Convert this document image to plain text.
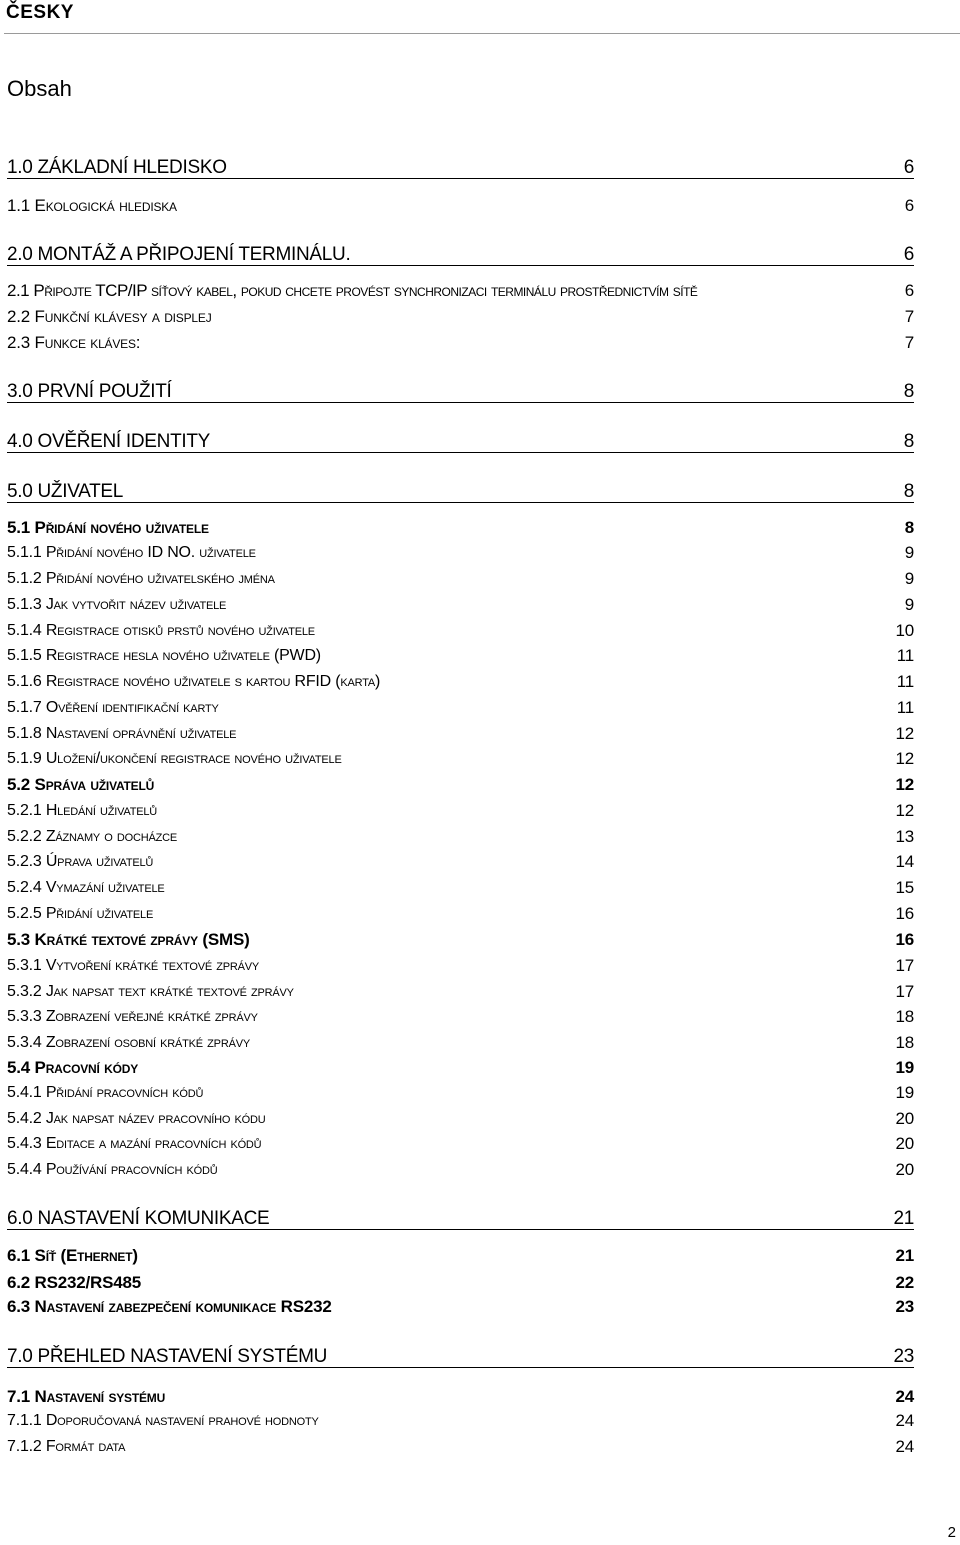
ČESKY
Obsah
1.0 ZÁKLADNÍ HLEDISKO	6
1.1 Ekologická hlediska	6
2.0 MONTÁŽ A PŘIPOJENÍ TERMINÁLU.	6
2.1 Připojte TCP/IP síťový kabel, pokud chcete provést synchronizaci terminálu prostřednictvím sítě	6
2.2 Funkční klávesy a displej	7
2.3 Funkce kláves:	7
3.0 PRVNÍ POUŽITÍ	8
4.0 OVĚŘENÍ IDENTITY	8
5.0 UŽIVATEL	8
5.1 Přidání nového uživatele	8
5.1.1 Přidání nového ID NO. uživatele	9
5.1.2 Přidání nového uživatelského jména	9
5.1.3 Jak vytvořit název uživatele	9
5.1.4 Registrace otisků prstů nového uživatele	10
5.1.5 Registrace hesla nového uživatele (PWD)	11
5.1.6 Registrace nového uživatele s kartou RFID (karta)	11
5.1.7 Ověření identifikační karty	11
5.1.8 Nastavení oprávnění uživatele	12
5.1.9 Uložení/ukončení registrace nového uživatele	12
5.2 Správa uživatelů	12
5.2.1 Hledání uživatelů	12
5.2.2 Záznamy o docházce	13
5.2.3 Úprava uživatelů	14
5.2.4 Vymazání uživatele	15
5.2.5 Přidání uživatele	16
5.3 Krátké textové zprávy (SMS)	16
5.3.1 Vytvoření krátké textové zprávy	17
5.3.2 Jak napsat text krátké textové zprávy	17
5.3.3 Zobrazení veřejné krátké zprávy	18
5.3.4 Zobrazení osobní krátké zprávy	18
5.4 Pracovní kódy	19
5.4.1 Přidání pracovních kódů	19
5.4.2 Jak napsat název pracovního kódu	20
5.4.3 Editace a mazání pracovních kódů	20
5.4.4 Používání pracovních kódů	20
6.0 NASTAVENÍ KOMUNIKACE	21
6.1 Síť (Ethernet)	21
6.2 RS232/RS485	22
6.3 Nastavení zabezpečení komunikace RS232	23
7.0 PŘEHLED NASTAVENÍ SYSTÉMU	23
7.1 Nastavení systému	24
7.1.1 Doporučovaná nastavení prahové hodnoty	24
7.1.2 Formát data	24
2
